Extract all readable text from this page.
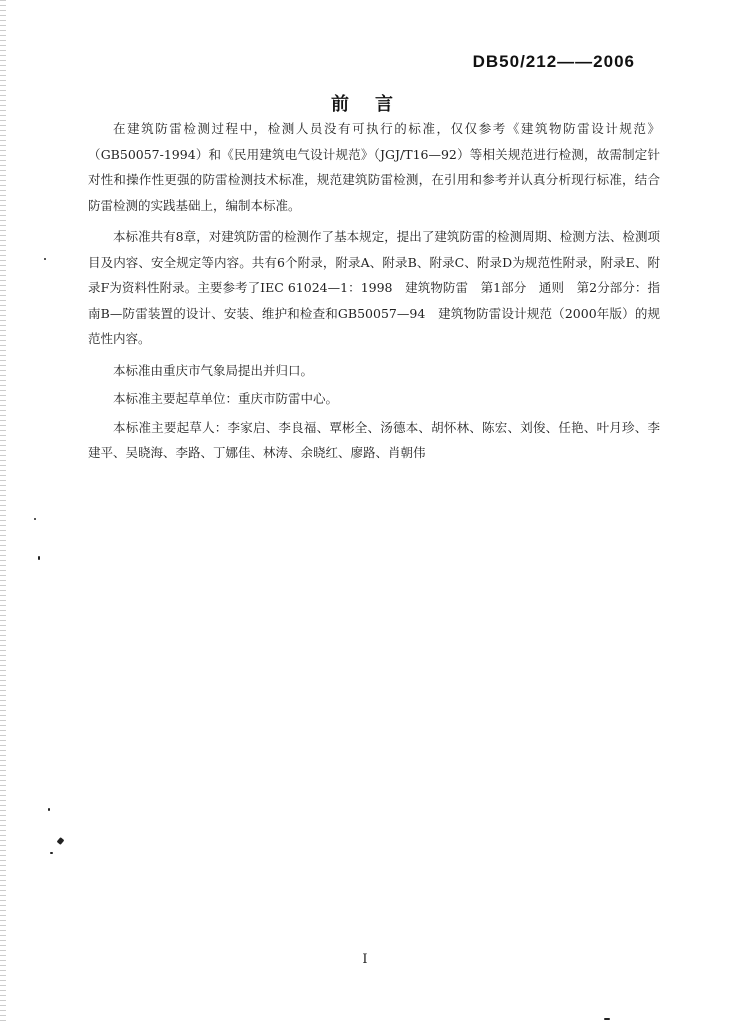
DB50/212——2006
前言

在建筑防雷检测过程中，检测人员没有可执行的标准，仅仅参考《建筑物防雷设计规范》（GB50057-1994）和《民用建筑电气设计规范》（JGJ/T16—92）等相关规范进行检测，故需制定针对性和操作性更强的防雷检测技术标准，规范建筑防雷检测，在引用和参考并认真分析现行标准，结合防雷检测的实践基础上，编制本标准。

本标准共有8章，对建筑防雷的检测作了基本规定，提出了建筑防雷的检测周期、检测方法、检测项目及内容、安全规定等内容。共有6个附录，附录A、附录B、附录C、附录D为规范性附录，附录E、附录F为资料性附录。主要参考了IEC 61024—1：1998　建筑物防雷　第1部分　通则　第2分部分：指南B—防雷装置的设计、安装、维护和检查和GB50057—94　建筑物防雷设计规范（2000年版）的规范性内容。

本标准由重庆市气象局提出并归口。

本标准主要起草单位：重庆市防雷中心。

本标准主要起草人：李家启、李良福、覃彬全、汤德本、胡怀林、陈宏、刘俊、任艳、叶月珍、李建平、吴晓海、李路、丁娜佳、林涛、余晓红、廖路、肖朝伟

I
